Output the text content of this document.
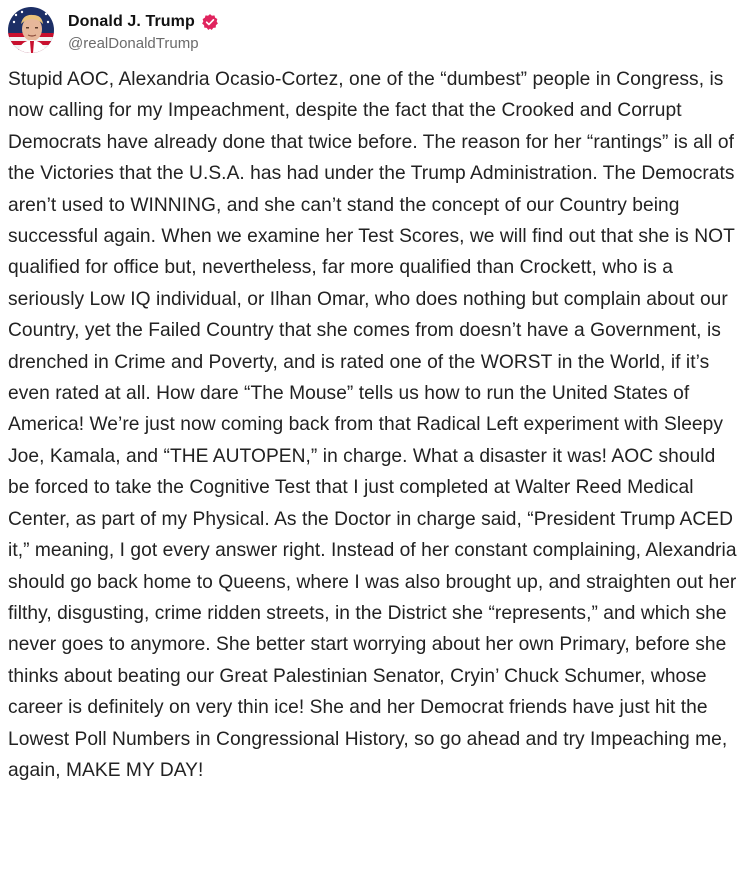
Donald J. Trump
@realDonaldTrump

Stupid AOC, Alexandria Ocasio-Cortez, one of the “dumbest” people in Congress, is now calling for my Impeachment, despite the fact that the Crooked and Corrupt Democrats have already done that twice before. The reason for her “rantings” is all of the Victories that the U.S.A. has had under the Trump Administration. The Democrats aren’t used to WINNING, and she can’t stand the concept of our Country being successful again. When we examine her Test Scores, we will find out that she is NOT qualified for office but, nevertheless, far more qualified than Crockett, who is a seriously Low IQ individual, or Ilhan Omar, who does nothing but complain about our Country, yet the Failed Country that she comes from doesn’t have a Government, is drenched in Crime and Poverty, and is rated one of the WORST in the World, if it’s even rated at all. How dare “The Mouse” tells us how to run the United States of America! We’re just now coming back from that Radical Left experiment with Sleepy Joe, Kamala, and “THE AUTOPEN,” in charge. What a disaster it was! AOC should be forced to take the Cognitive Test that I just completed at Walter Reed Medical Center, as part of my Physical. As the Doctor in charge said, “President Trump ACED it,” meaning, I got every answer right. Instead of her constant complaining, Alexandria should go back home to Queens, where I was also brought up, and straighten out her filthy, disgusting, crime ridden streets, in the District she “represents,” and which she never goes to anymore. She better start worrying about her own Primary, before she thinks about beating our Great Palestinian Senator, Cryin’ Chuck Schumer, whose career is definitely on very thin ice! She and her Democrat friends have just hit the Lowest Poll Numbers in Congressional History, so go ahead and try Impeaching me, again, MAKE MY DAY!
